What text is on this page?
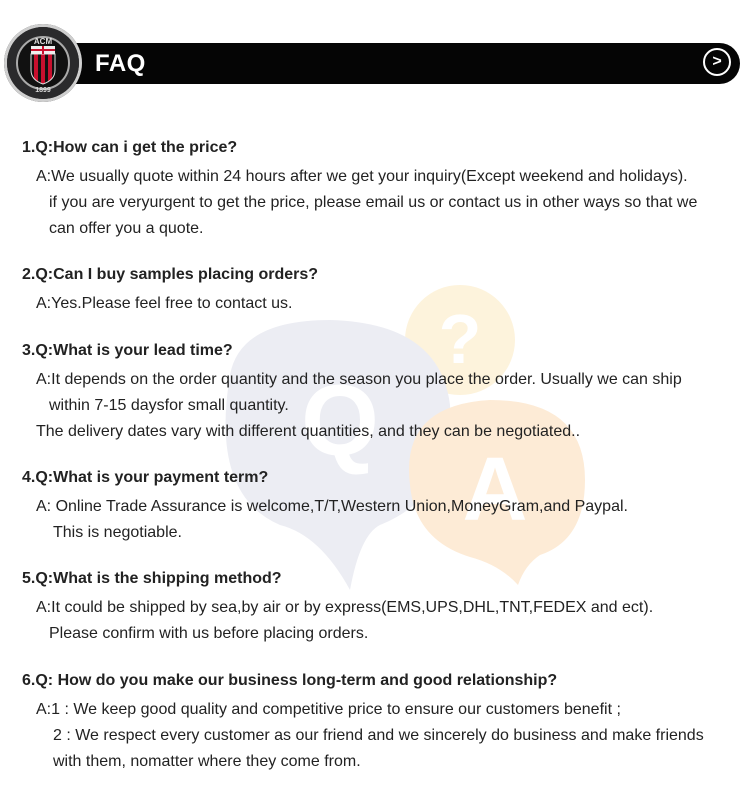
FAQ	>
ACM
1899
?
Q
A
1.Q:How can i get the price?
A:We usually quote within 24 hours after we get your inquiry(Except weekend and holidays).
if you are veryurgent to get the price, please email us or contact us in other ways so that we
can offer you a quote.
2.Q:Can I buy samples placing orders?
A:Yes.Please feel free to contact us.
3.Q:What is your lead time?
A:It depends on the order quantity and the season you place the order. Usually we can ship
within 7-15 daysfor small quantity.
The delivery dates vary with different quantities, and they can be negotiated..
4.Q:What is your payment term?
A: Online Trade Assurance is welcome,T/T,Western Union,MoneyGram,and Paypal.
This is negotiable.
5.Q:What is the shipping method?
A:It could be shipped by sea,by air or by express(EMS,UPS,DHL,TNT,FEDEX and ect).
Please confirm with us before placing orders.
6.Q: How do you make our business long-term and good relationship?
A:1 : We keep good quality and competitive price to ensure our customers benefit ;
2 : We respect every customer as our friend and we sincerely do business and make friends
with them, nomatter where they come from.
